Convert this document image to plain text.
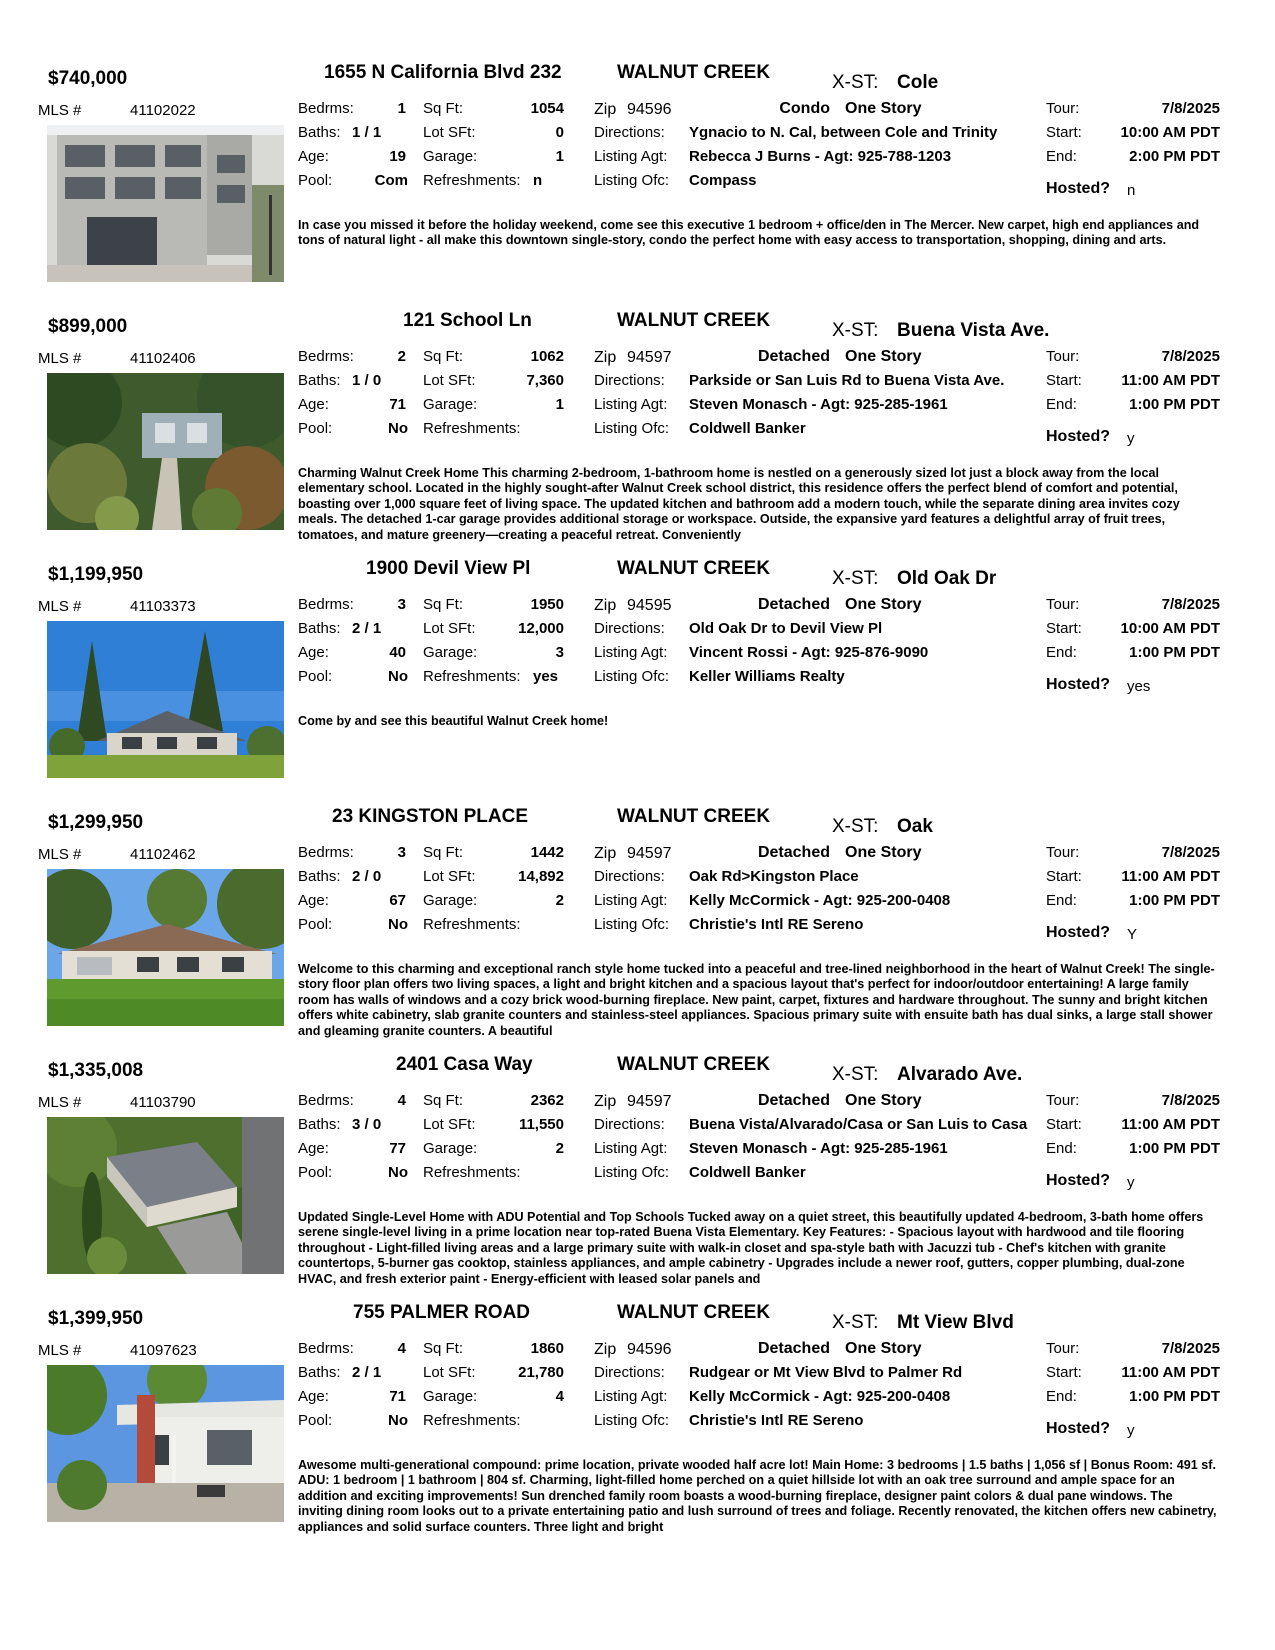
$740,000	1655 N California Blvd 232	WALNUT CREEK	X-ST: Cole
MLS #	41102022	Bedrms:	1 Sq Ft:	1054 Zip 94596	Condo One Story	Tour:	7/8/2025
Baths: 1 / 1	Lot SFt:	0 Directions: Ygnacio to N. Cal, between Cole and Trinity	Start:	10:00 AM PDT
Age:	19 Garage:	1 Listing Agt: Rebecca J Burns - Agt: 925-788-1203	End:	2:00 PM PDT
Pool:	Com Refreshments: n	Listing Ofc: Compass	Hosted? n
In case you missed it before the holiday weekend, come see this executive 1 bedroom + office/den in The Mercer. New carpet, high end appliances and tons of natural light - all make this downtown single-story, condo the perfect home with easy access to transportation, shopping, dining and arts.
$899,000	121 School Ln	WALNUT CREEK	X-ST: Buena Vista Ave.
MLS #	41102406	Bedrms:	2 Sq Ft:	1062 Zip 94597	Detached One Story	Tour:	7/8/2025
Baths: 1 / 0	Lot SFt:	7,360 Directions: Parkside or San Luis Rd to Buena Vista Ave.	Start:	11:00 AM PDT
Age:	71 Garage:	1 Listing Agt: Steven Monasch - Agt: 925-285-1961	End:	1:00 PM PDT
Pool:	No Refreshments:	Listing Ofc: Coldwell Banker	Hosted? y
Charming Walnut Creek Home This charming 2-bedroom, 1-bathroom home is nestled on a generously sized lot just a block away from the local elementary school. Located in the highly sought-after Walnut Creek school district, this residence offers the perfect blend of comfort and potential, boasting over 1,000 square feet of living space. The updated kitchen and bathroom add a modern touch, while the separate dining area invites cozy meals. The detached 1-car garage provides additional storage or workspace. Outside, the expansive yard features a delightful array of fruit trees, tomatoes, and mature greenery—creating a peaceful retreat. Conveniently
$1,199,950	1900 Devil View Pl	WALNUT CREEK	X-ST: Old Oak Dr
MLS #	41103373	Bedrms:	3 Sq Ft:	1950 Zip 94595	Detached One Story	Tour:	7/8/2025
Baths: 2 / 1	Lot SFt:	12,000 Directions: Old Oak Dr to Devil View Pl	Start:	10:00 AM PDT
Age:	40 Garage:	3 Listing Agt: Vincent Rossi - Agt: 925-876-9090	End:	1:00 PM PDT
Pool:	No Refreshments: yes Listing Ofc: Keller Williams Realty	Hosted? yes
Come by and see this beautiful Walnut Creek home!
$1,299,950	23 KINGSTON PLACE	WALNUT CREEK	X-ST: Oak
MLS #	41102462	Bedrms:	3 Sq Ft:	1442 Zip 94597	Detached One Story	Tour:	7/8/2025
Baths: 2 / 0	Lot SFt:	14,892 Directions: Oak Rd>Kingston Place	Start:	11:00 AM PDT
Age:	67 Garage:	2 Listing Agt: Kelly McCormick - Agt: 925-200-0408	End:	1:00 PM PDT
Pool:	No Refreshments:	Listing Ofc: Christie's Intl RE Sereno	Hosted? Y
Welcome to this charming and exceptional ranch style home tucked into a peaceful and tree-lined neighborhood in the heart of Walnut Creek! The single-story floor plan offers two living spaces, a light and bright kitchen and a spacious layout that's perfect for indoor/outdoor entertaining! A large family room has walls of windows and a cozy brick wood-burning fireplace. New paint, carpet, fixtures and hardware throughout. The sunny and bright kitchen offers white cabinetry, slab granite counters and stainless-steel appliances. Spacious primary suite with ensuite bath has dual sinks, a large stall shower and gleaming granite counters. A beautiful
$1,335,008	2401 Casa Way	WALNUT CREEK	X-ST: Alvarado Ave.
MLS #	41103790	Bedrms:	4 Sq Ft:	2362 Zip 94597	Detached One Story	Tour:	7/8/2025
Baths: 3 / 0	Lot SFt:	11,550 Directions: Buena Vista/Alvarado/Casa or San Luis to Casa Start:	11:00 AM PDT
Age:	77 Garage:	2 Listing Agt: Steven Monasch - Agt: 925-285-1961	End:	1:00 PM PDT
Pool:	No Refreshments:	Listing Ofc: Coldwell Banker	Hosted? y
Updated Single-Level Home with ADU Potential and Top Schools Tucked away on a quiet street, this beautifully updated 4-bedroom, 3-bath home offers serene single-level living in a prime location near top-rated Buena Vista Elementary. Key Features: - Spacious layout with hardwood and tile flooring throughout - Light-filled living areas and a large primary suite with walk-in closet and spa-style bath with Jacuzzi tub - Chef's kitchen with granite countertops, 5-burner gas cooktop, stainless appliances, and ample cabinetry - Upgrades include a newer roof, gutters, copper plumbing, dual-zone HVAC, and fresh exterior paint - Energy-efficient with leased solar panels and
$1,399,950	755 PALMER ROAD	WALNUT CREEK	X-ST: Mt View Blvd
MLS #	41097623	Bedrms:	4 Sq Ft:	1860 Zip 94596	Detached One Story	Tour:	7/8/2025
Baths: 2 / 1	Lot SFt:	21,780 Directions: Rudgear or Mt View Blvd to Palmer Rd	Start:	11:00 AM PDT
Age:	71 Garage:	4 Listing Agt: Kelly McCormick - Agt: 925-200-0408	End:	1:00 PM PDT
Pool:	No Refreshments:	Listing Ofc: Christie's Intl RE Sereno	Hosted? y
Awesome multi-generational compound: prime location, private wooded half acre lot! Main Home: 3 bedrooms | 1.5 baths | 1,056 sf | Bonus Room: 491 sf. ADU: 1 bedroom | 1 bathroom | 804 sf. Charming, light-filled home perched on a quiet hillside lot with an oak tree surround and ample space for an addition and exciting improvements! Sun drenched family room boasts a wood-burning fireplace, designer paint colors & dual pane windows. The inviting dining room looks out to a private entertaining patio and lush surround of trees and foliage. Recently renovated, the kitchen offers new cabinetry, appliances and solid surface counters. Three light and bright
